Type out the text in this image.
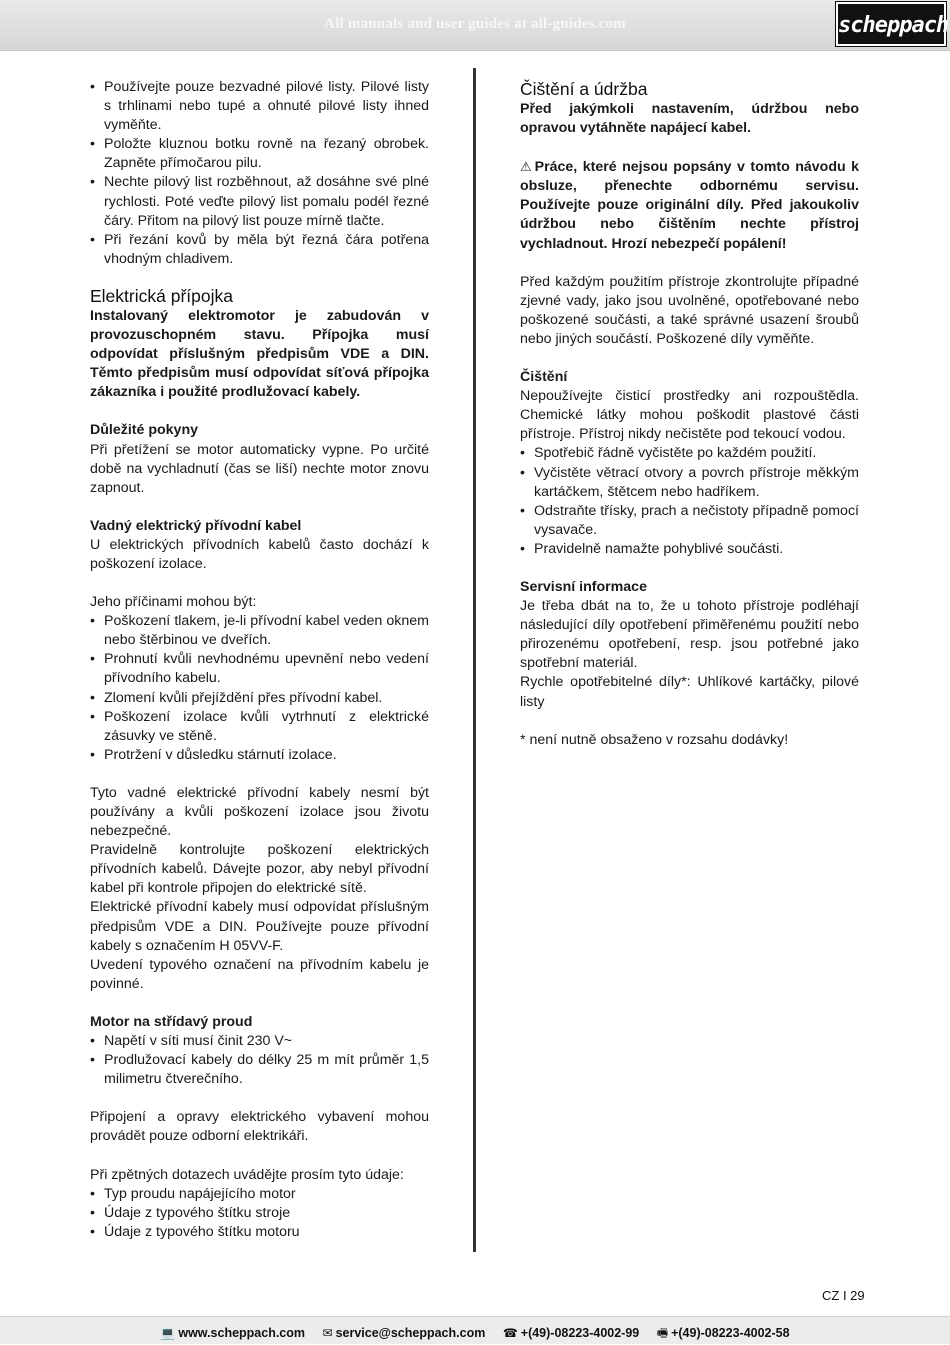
All manuals and user guides at all-guides.com	scheppach
• Používejte pouze bezvadné pilové listy. Pilové listy s trhlinami nebo tupé a ohnuté pilové listy ihned vyměňte.
• Položte kluznou botku rovně na řezaný obrobek. Zapněte přímočarou pilu.
• Nechte pilový list rozběhnout, až dosáhne své plné rychlosti. Poté veďte pilový list pomalu podél řezné čáry. Přitom na pilový list pouze mírně tlačte.
• Při řezání kovů by měla být řezná čára potřena vhodným chladivem.
Elektrická přípojka

Instalovaný elektromotor je zabudován v provozuschopném stavu. Přípojka musí odpovídat příslušným předpisům VDE a DIN. Těmto předpisům musí odpovídat síťová přípojka zákazníka i použité prodlužovací kabely.

Důležité pokyny

Při přetížení se motor automaticky vypne. Po určité době na vychladnutí (čas se liší) nechte motor znovu zapnout.

Vadný elektrický přívodní kabel

U elektrických přívodních kabelů často dochází k poškození izolace.

Jeho příčinami mohou být:

• Poškození tlakem, je-li přívodní kabel veden oknem nebo štěrbinou ve dveřích.
• Prohnutí kvůli nevhodnému upevnění nebo vedení přívodního kabelu.
• Zlomení kvůli přejíždění přes přívodní kabel.
• Poškození izolace kvůli vytrhnutí z elektrické zásuvky ve stěně.
• Protržení v důsledku stárnutí izolace.

Tyto vadné elektrické přívodní kabely nesmí být používány a kvůli poškození izolace jsou životu nebezpečné.

Pravidelně kontrolujte poškození elektrických přívodních kabelů. Dávejte pozor, aby nebyl přívodní kabel při kontrole připojen do elektrické sítě.

Elektrické přívodní kabely musí odpovídat příslušným předpisům VDE a DIN. Používejte pouze přívodní kabely s označením H 05VV-F.

Uvedení typového označení na přívodním kabelu je povinné.

Motor na střídavý proud

• Napětí v síti musí činit 230 V~
• Prodlužovací kabely do délky 25 m mít průměr 1,5 milimetru čtverečního.

Připojení a opravy elektrického vybavení mohou provádět pouze odborní elektrikáři.

Při zpětných dotazech uvádějte prosím tyto údaje:

• Typ proudu napájejícího motor
• Údaje z typového štítku stroje
• Údaje z typového štítku motoru
Čištění a údržba

Před jakýmkoli nastavením, údržbou nebo opravou vytáhněte napájecí kabel.

⚠ Práce, které nejsou popsány v tomto návodu k obsluze, přenechte odbornému servisu. Používejte pouze originální díly. Před jakoukoliv údržbou nebo čištěním nechte přístroj vychladnout. Hrozí nebezpečí popálení!

Před každým použitím přístroje zkontrolujte případné zjevné vady, jako jsou uvolněné, opotřebované nebo poškozené součásti, a také správné usazení šroubů nebo jiných součástí. Poškozené díly vyměňte.

Čištění

Nepoužívejte čisticí prostředky ani rozpouštědla. Chemické látky mohou poškodit plastové části přístroje. Přístroj nikdy nečistěte pod tekoucí vodou.

• Spotřebič řádně vyčistěte po každém použití.
• Vyčistěte větrací otvory a povrch přístroje měkkým kartáčkem, štětcem nebo hadříkem.
• Odstraňte třísky, prach a nečistoty případně pomocí vysavače.
• Pravidelně namažte pohyblivé součásti.

Servisní informace

Je třeba dbát na to, že u tohoto přístroje podléhají následující díly opotřebení přiměřenému použití nebo přirozenému opotřebení, resp. jsou potřebné jako spotřební materiál.

Rychle opotřebitelné díly*: Uhlíkové kartáčky, pilové listy

* není nutně obsaženo v rozsahu dodávky!

CZ I 29
💻 www.scheppach.com ✉ service@scheppach.com ☎ +(49)-08223-4002-99 🖷 +(49)-08223-4002-58
